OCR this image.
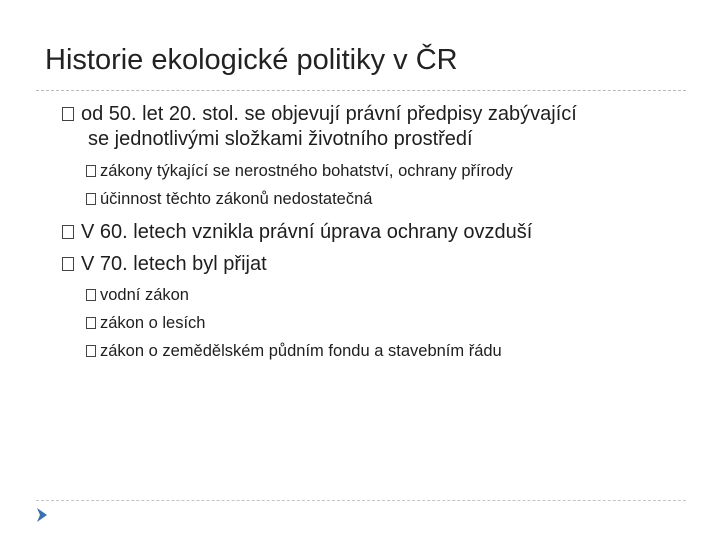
Historie ekologické politiky v ČR
od 50. let 20. stol. se objevují právní předpisy zabývající
se jednotlivými složkami životního prostředí
zákony týkající se nerostného bohatství, ochrany přírody
účinnost těchto zákonů nedostatečná
V 60. letech vznikla právní úprava ochrany ovzduší
V 70. letech byl přijat
vodní zákon
zákon o lesích
zákon o zemědělském půdním fondu a stavebním řádu
